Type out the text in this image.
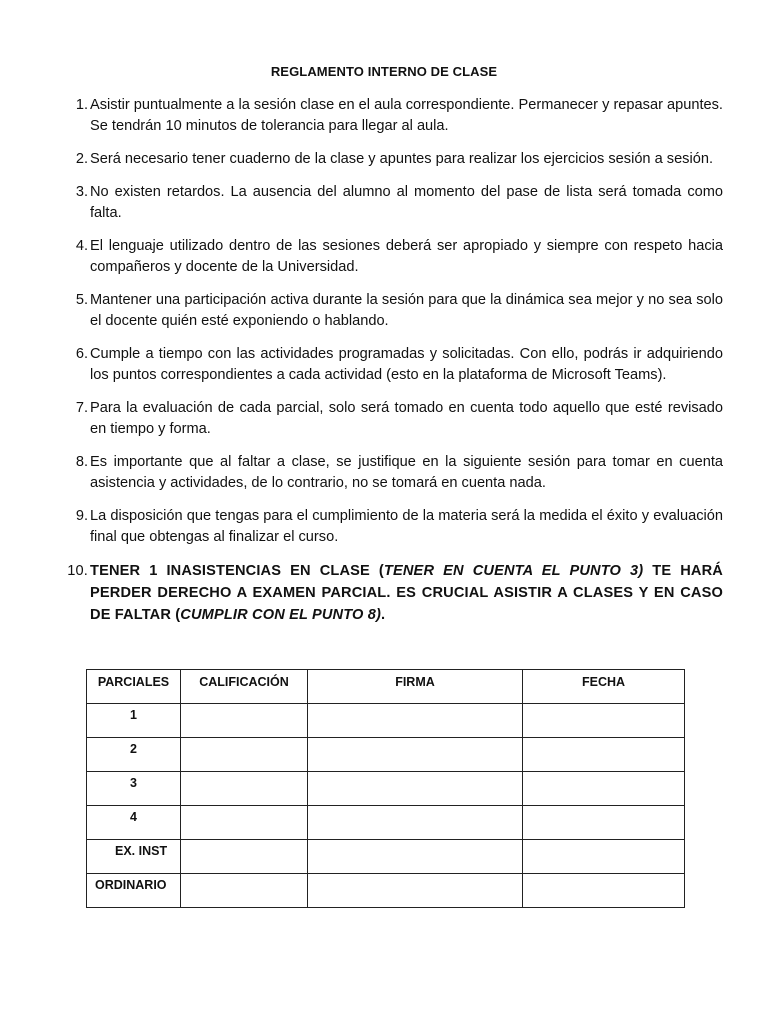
REGLAMENTO INTERNO DE CLASE
1. Asistir puntualmente a la sesión clase en el aula correspondiente. Permanecer y repasar apuntes. Se tendrán 10 minutos de tolerancia para llegar al aula.
2. Será necesario tener cuaderno de la clase y apuntes para realizar los ejercicios sesión a sesión.
3. No existen retardos. La ausencia del alumno al momento del pase de lista será tomada como falta.
4. El lenguaje utilizado dentro de las sesiones deberá ser apropiado y siempre con respeto hacia compañeros y docente de la Universidad.
5. Mantener una participación activa durante la sesión para que la dinámica sea mejor y no sea solo el docente quién esté exponiendo o hablando.
6. Cumple a tiempo con las actividades programadas y solicitadas. Con ello, podrás ir adquiriendo los puntos correspondientes a cada actividad (esto en la plataforma de Microsoft Teams).
7. Para la evaluación de cada parcial, solo será tomado en cuenta todo aquello que esté revisado en tiempo y forma.
8. Es importante que al faltar a clase, se justifique en la siguiente sesión para tomar en cuenta asistencia y actividades, de lo contrario, no se tomará en cuenta nada.
9. La disposición que tengas para el cumplimiento de la materia será la medida el éxito y evaluación final que obtengas al finalizar el curso.
10. TENER 1 INASISTENCIAS EN CLASE (TENER EN CUENTA EL PUNTO 3) TE HARÁ PERDER DERECHO A EXAMEN PARCIAL. ES CRUCIAL ASISTIR A CLASES Y EN CASO DE FALTAR (CUMPLIR CON EL PUNTO 8).
PARCIALES	CALIFICACIÓN	FIRMA	FECHA
1			
2			
3			
4			
EX. INST			
ORDINARIO			
